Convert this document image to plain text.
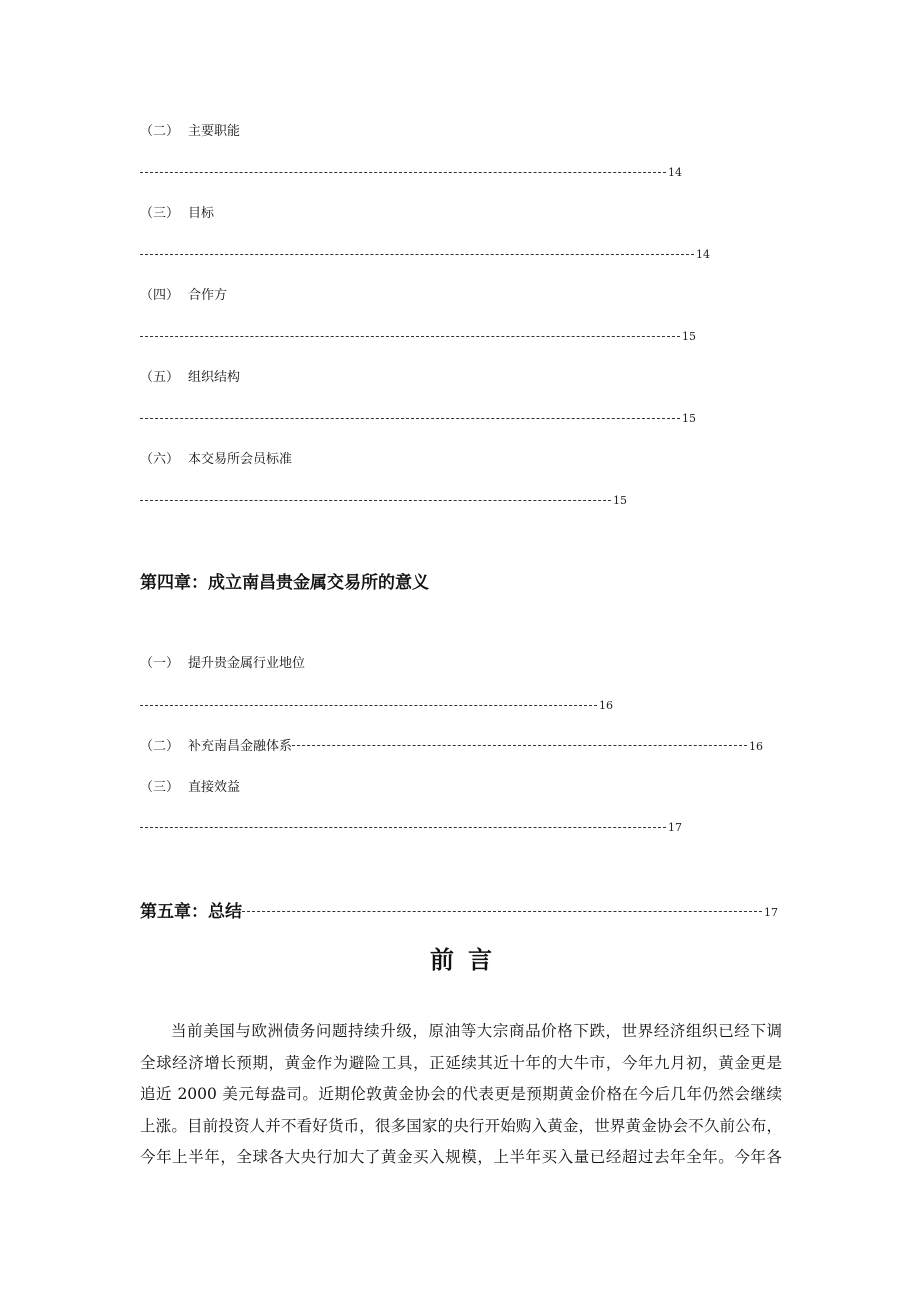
（二） 主要职能
14
（三） 目标
14
（四） 合作方
15
（五） 组织结构
15
（六） 本交易所会员标准
15
第四章：成立南昌贵金属交易所的意义
（一） 提升贵金属行业地位
16
（二） 补充南昌金融体系	16
（三） 直接效益
17
第五章：总结	17
前言
当前美国与欧洲债务问题持续升级，原油等大宗商品价格下跌，世界经济组织已经下调
全球经济增长预期，黄金作为避险工具，正延续其近十年的大牛市，今年九月初，黄金更是
追近 2000 美元每盎司。近期伦敦黄金协会的代表更是预期黄金价格在今后几年仍然会继续
上涨。目前投资人并不看好货币，很多国家的央行开始购入黄金，世界黄金协会不久前公布，
今年上半年，全球各大央行加大了黄金买入规模，上半年买入量已经超过去年全年。今年各
